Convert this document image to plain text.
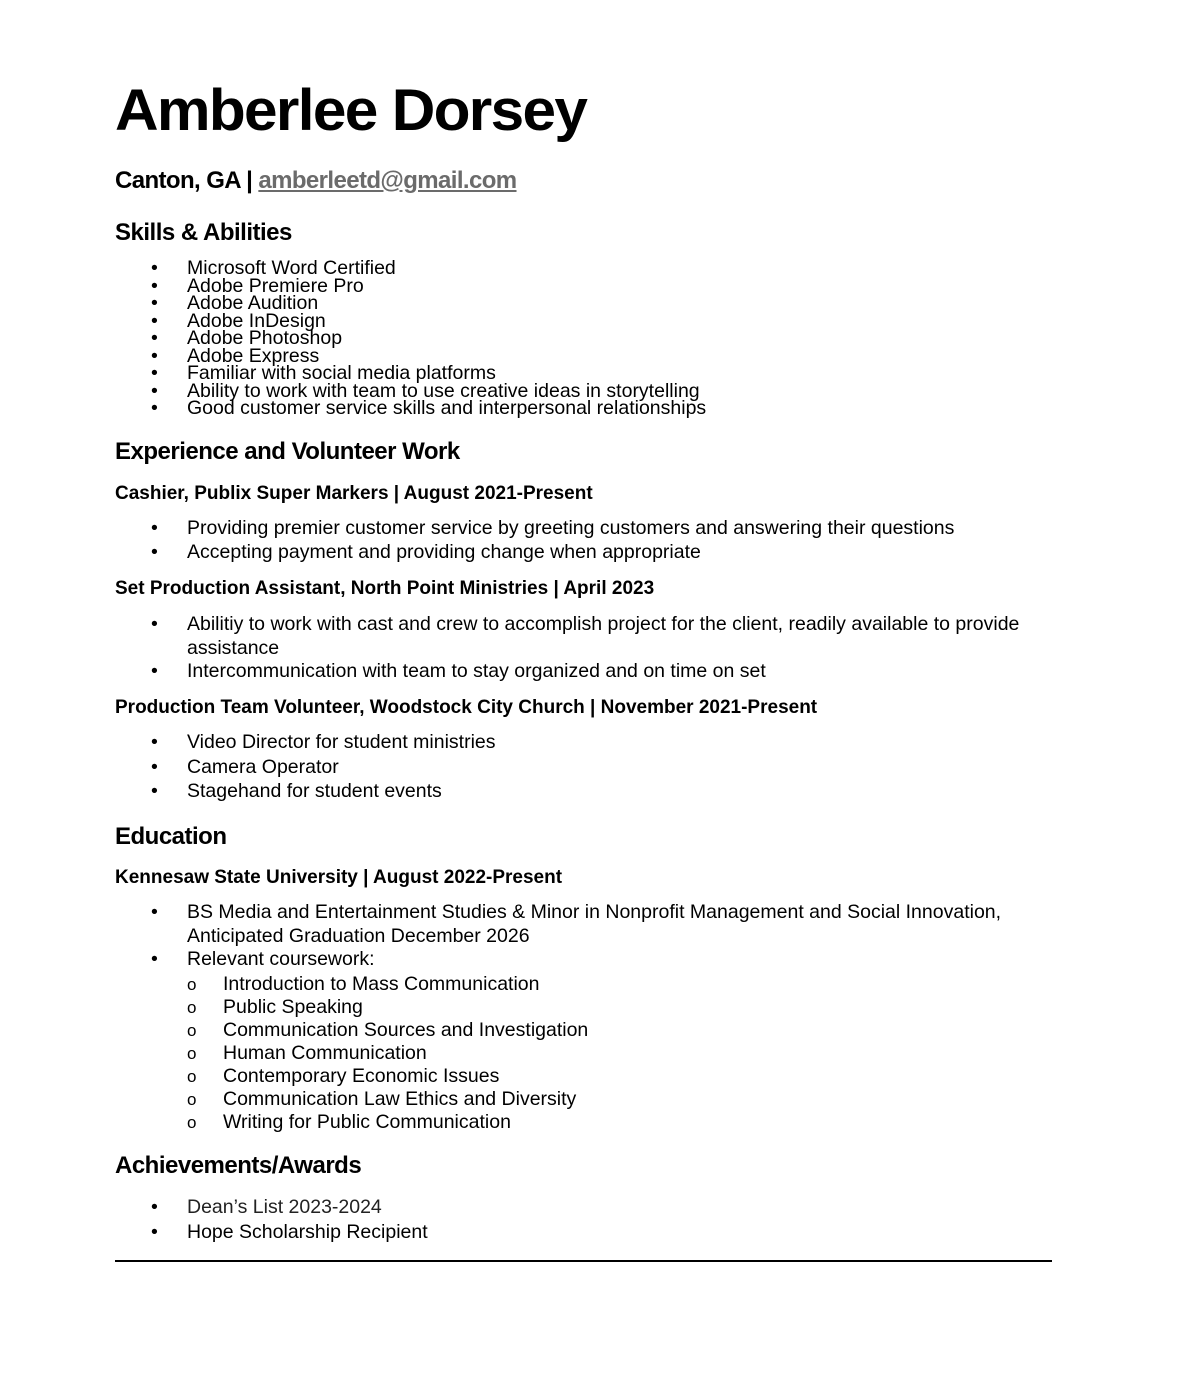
Amberlee Dorsey

Canton, GA | amberleetd@gmail.com

Skills & Abilities
• Microsoft Word Certified
• Adobe Premiere Pro
• Adobe Audition
• Adobe InDesign
• Adobe Photoshop
• Adobe Express
• Familiar with social media platforms
• Ability to work with team to use creative ideas in storytelling
• Good customer service skills and interpersonal relationships
Experience and Volunteer Work
Cashier, Publix Super Markers | August 2021-Present
• Providing premier customer service by greeting customers and answering their questions
• Accepting payment and providing change when appropriate
Set Production Assistant, North Point Ministries | April 2023
• Abilitiy to work with cast and crew to accomplish project for the client, readily available to provide assistance
• Intercommunication with team to stay organized and on time on set
Production Team Volunteer, Woodstock City Church | November 2021-Present
• Video Director for student ministries
• Camera Operator
• Stagehand for student events
Education
Kennesaw State University | August 2022-Present
• BS Media and Entertainment Studies & Minor in Nonprofit Management and Social Innovation, Anticipated Graduation December 2026
• Relevant coursework:
o Introduction to Mass Communication
o Public Speaking
o Communication Sources and Investigation
o Human Communication
o Contemporary Economic Issues
o Communication Law Ethics and Diversity
o Writing for Public Communication
Achievements/Awards
• Dean’s List 2023-2024
• Hope Scholarship Recipient
